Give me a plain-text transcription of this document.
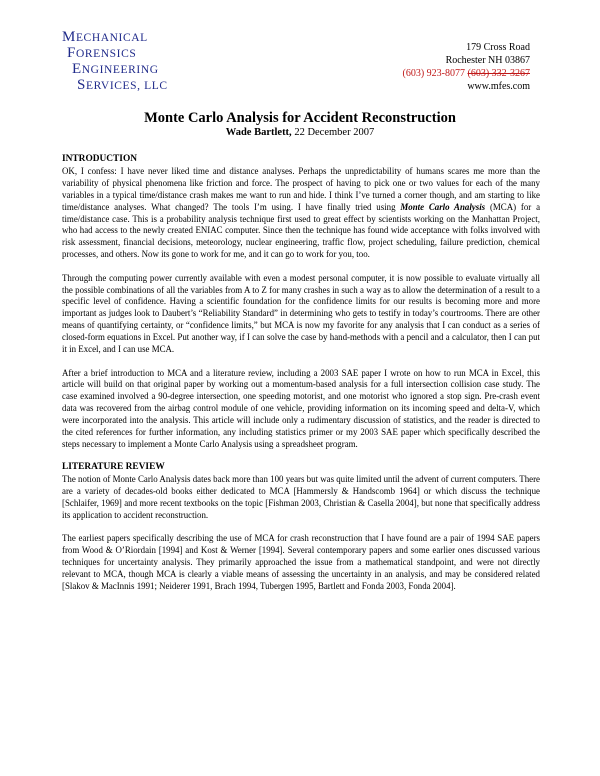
MECHANICAL
FORENSICS
ENGINEERING
SERVICES, LLC
179 Cross Road
Rochester NH 03867
(603) 923-8077 (603) 332-3267
www.mfes.com
Monte Carlo Analysis for Accident Reconstruction
Wade Bartlett, 22 December 2007
INTRODUCTION

OK, I confess: I have never liked time and distance analyses. Perhaps the unpredictability of humans scares me more than the variability of physical phenomena like friction and force. The prospect of having to pick one or two values for each of the many variables in a typical time/distance crash makes me want to run and hide. I think I’ve turned a corner though, and am starting to like time/distance analyses. What changed? The tools I’m using. I have finally tried using Monte Carlo Analysis (MCA) for a time/distance case. This is a probability analysis technique first used to great effect by scientists working on the Manhattan Project, who had access to the newly created ENIAC computer. Since then the technique has found wide acceptance with folks involved with risk assessment, financial decisions, meteorology, nuclear engineering, traffic flow, project scheduling, failure prediction, chemical processes, and others. Now its gone to work for me, and it can go to work for you, too.

Through the computing power currently available with even a modest personal computer, it is now possible to evaluate virtually all the possible combinations of all the variables from A to Z for many crashes in such a way as to allow the determination of a result to a specific level of confidence. Having a scientific foundation for the confidence limits for our results is becoming more and more important as judges look to Daubert’s “Reliability Standard” in determining who gets to testify in today’s courtrooms. There are other means of quantifying certainty, or “confidence limits,” but MCA is now my favorite for any analysis that I can conduct as a series of closed-form equations in Excel. Put another way, if I can solve the case by hand-methods with a pencil and a calculator, then I can put it in Excel, and I can use MCA.

After a brief introduction to MCA and a literature review, including a 2003 SAE paper I wrote on how to run MCA in Excel, this article will build on that original paper by working out a momentum-based analysis for a full intersection collision case study. The case examined involved a 90-degree intersection, one speeding motorist, and one motorist who ignored a stop sign. Pre-crash event data was recovered from the airbag control module of one vehicle, providing information on its incoming speed and delta-V, which were incorporated into the analysis. This article will include only a rudimentary discussion of statistics, and the reader is directed to the cited references for further information, any including statistics primer or my 2003 SAE paper which specifically described the steps necessary to implement a Monte Carlo Analysis using a spreadsheet program.

LITERATURE REVIEW

The notion of Monte Carlo Analysis dates back more than 100 years but was quite limited until the advent of current computers. There are a variety of decades-old books either dedicated to MCA [Hammersly & Handscomb 1964] or which discuss the technique [Schlaifer, 1969] and more recent textbooks on the topic [Fishman 2003, Christian & Casella 2004], but none that specifically address its application to accident reconstruction.

The earliest papers specifically describing the use of MCA for crash reconstruction that I have found are a pair of 1994 SAE papers from Wood & O’Riordain [1994] and Kost & Werner [1994]. Several contemporary papers and some earlier ones discussed various techniques for uncertainty analysis. They primarily approached the issue from a mathematical standpoint, and were not directly relevant to MCA, though MCA is clearly a viable means of assessing the uncertainty in an analysis, and may be considered related [Slakov & MacInnis 1991; Neiderer 1991, Brach 1994, Tubergen 1995, Bartlett and Fonda 2003, Fonda 2004].
